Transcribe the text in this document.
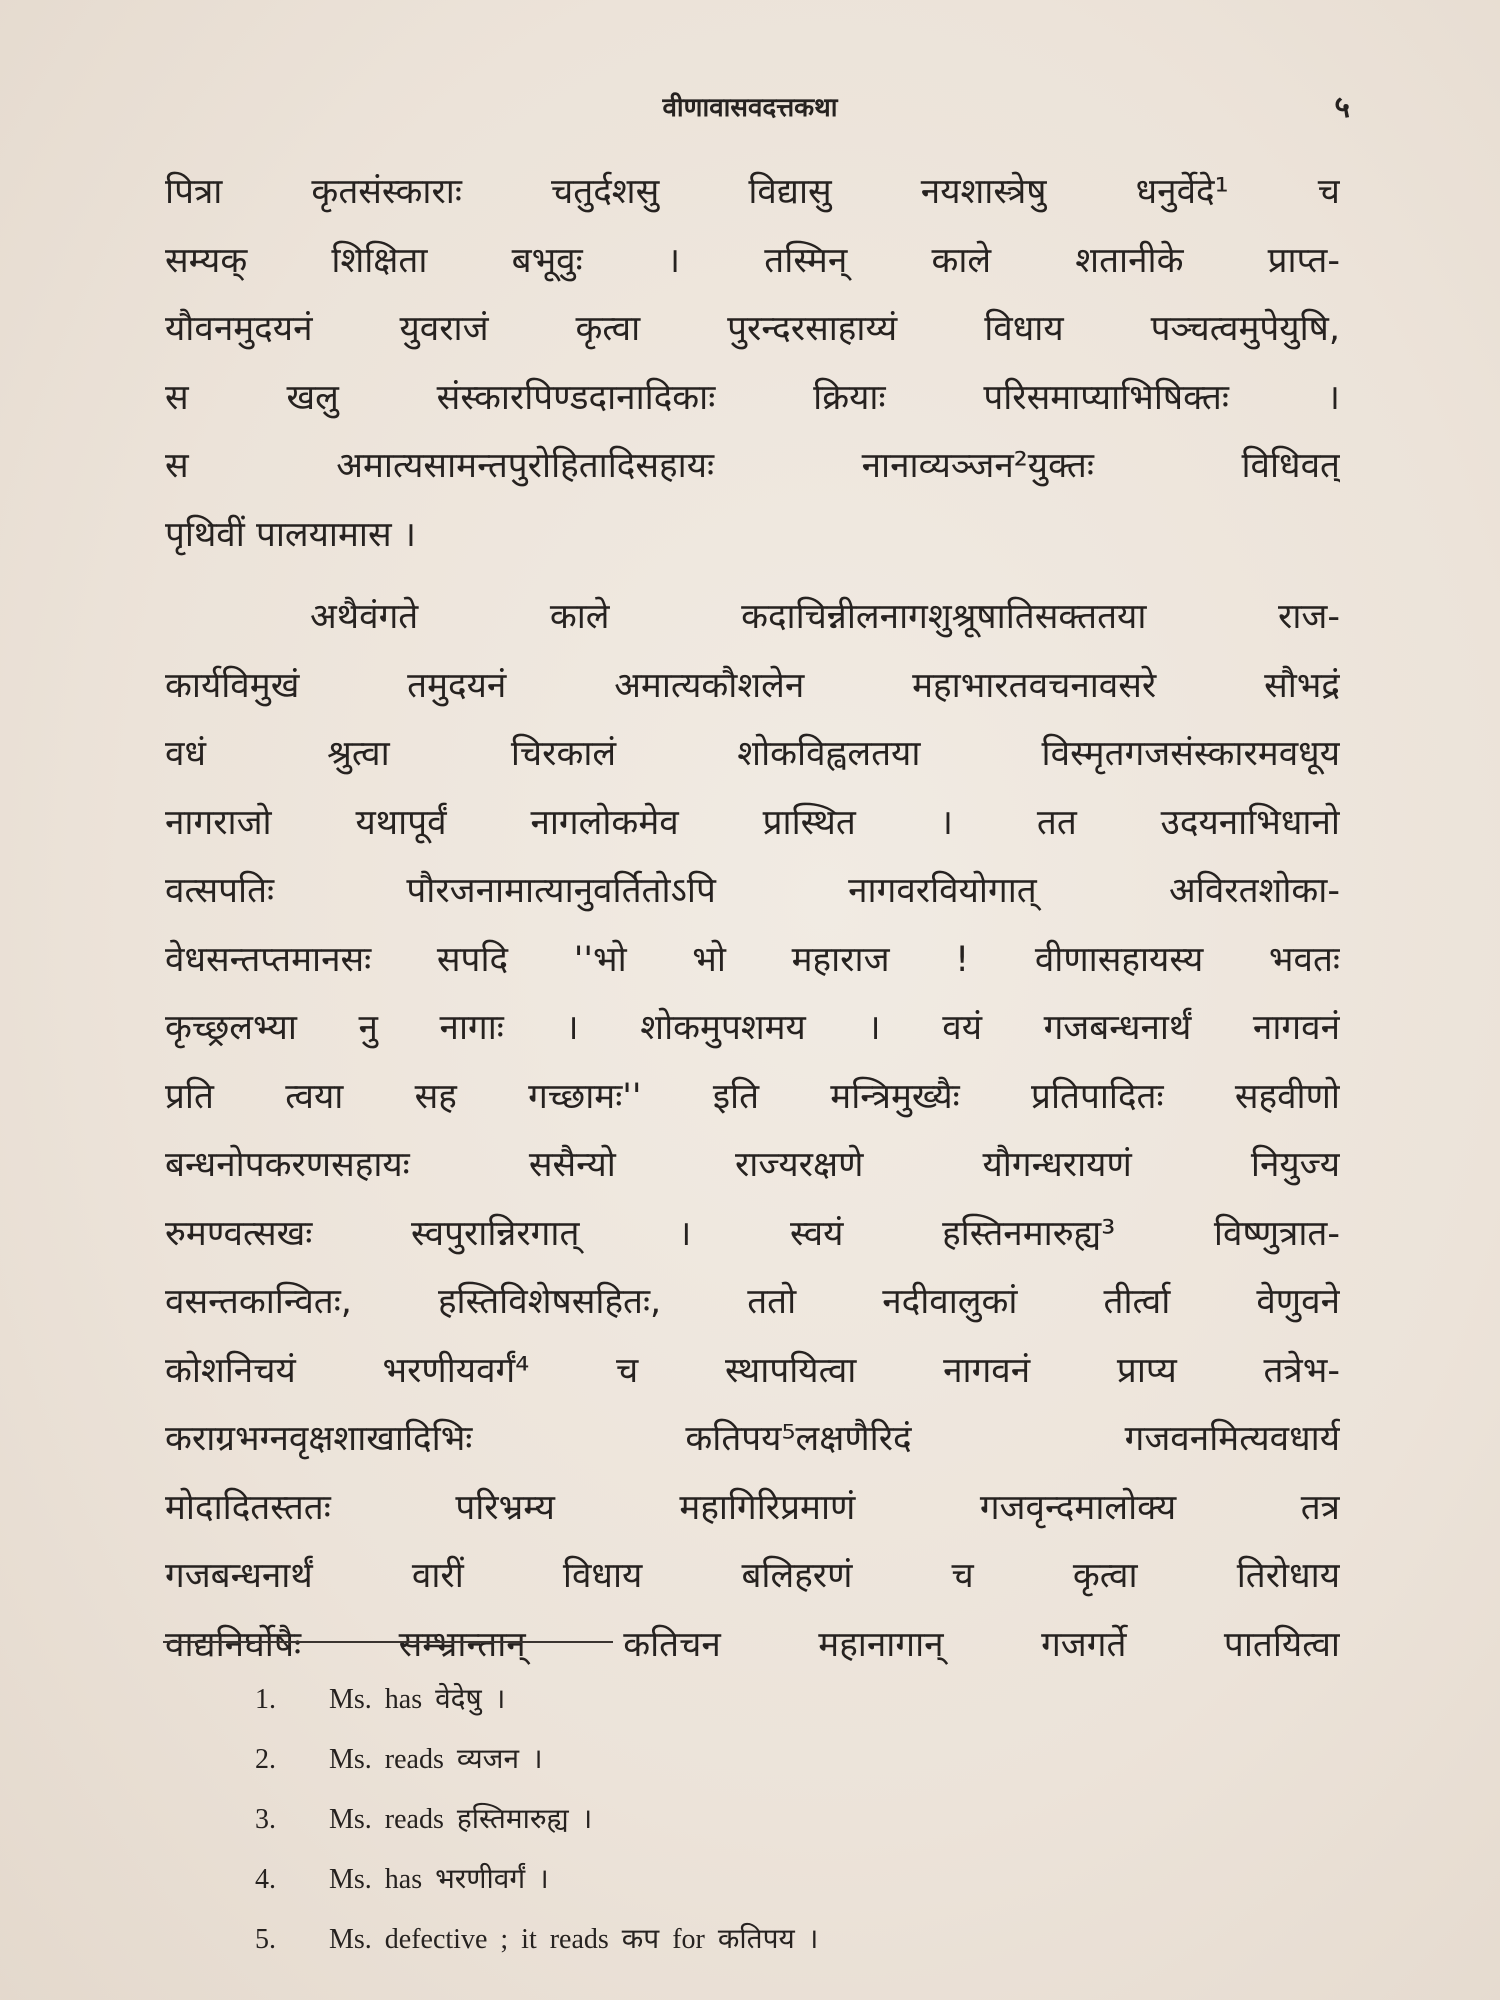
वीणावासवदत्तकथा	५
पित्रा कृतसंस्काराः चतुर्दशसु विद्यासु नयशास्त्रेषु धनुर्वेदे¹ च
सम्यक् शिक्षिता बभूवुः । तस्मिन् काले शतानीके प्राप्त-
यौवनमुदयनं युवराजं कृत्वा पुरन्दरसाहाय्यं विधाय पञ्चत्वमुपेयुषि,
स खलु संस्कारपिण्डदानादिकाः क्रियाः परिसमाप्याभिषिक्तः ।
स अमात्यसामन्तपुरोहितादिसहायः नानाव्यञ्जन²युक्तः विधिवत्
पृथिवीं पालयामास ।
अथैवंगते काले कदाचिन्नीलनागशुश्रूषातिसक्ततया राज-
कार्यविमुखं तमुदयनं अमात्यकौशलेन महाभारतवचनावसरे सौभद्रं
वधं श्रुत्वा चिरकालं शोकविह्वलतया विस्मृतगजसंस्कारमवधूय
नागराजो यथापूर्वं नागलोकमेव प्रास्थित । तत उदयनाभिधानो
वत्सपतिः पौरजनामात्यानुवर्तितोऽपि नागवरवियोगात् अविरतशोका-
वेधसन्तप्तमानसः सपदि ''भो भो महाराज ! वीणासहायस्य भवतः
कृच्छ्रलभ्या नु नागाः । शोकमुपशमय । वयं गजबन्धनार्थं नागवनं
प्रति त्वया सह गच्छामः'' इति मन्त्रिमुख्यैः प्रतिपादितः सहवीणो
बन्धनोपकरणसहायः ससैन्यो राज्यरक्षणे यौगन्धरायणं नियुज्य
रुमण्वत्सखः स्वपुरान्निरगात् । स्वयं हस्तिनमारुह्य³ विष्णुत्रात-
वसन्तकान्वितः, हस्तिविशेषसहितः, ततो नदीवालुकां तीर्त्वा वेणुवने
कोशनिचयं भरणीयवर्गं⁴ च स्थापयित्वा नागवनं प्राप्य तत्रेभ-
कराग्रभग्नवृक्षशाखादिभिः कतिपय⁵लक्षणैरिदं गजवनमित्यवधार्य
मोदादितस्ततः परिभ्रम्य महागिरिप्रमाणं गजवृन्दमालोक्य तत्र
गजबन्धनार्थं वारीं विधाय बलिहरणं च कृत्वा तिरोधाय
वाद्यनिर्घोषैः सम्भ्रान्तान् कतिचन महानागान् गजगर्ते पातयित्वा
1. Ms. has वेदेषु ।
2. Ms. reads व्यजन ।
3. Ms. reads हस्तिमारुह्य ।
4. Ms. has भरणीवर्गं ।
5. Ms. defective ; it reads कप for कतिपय ।
